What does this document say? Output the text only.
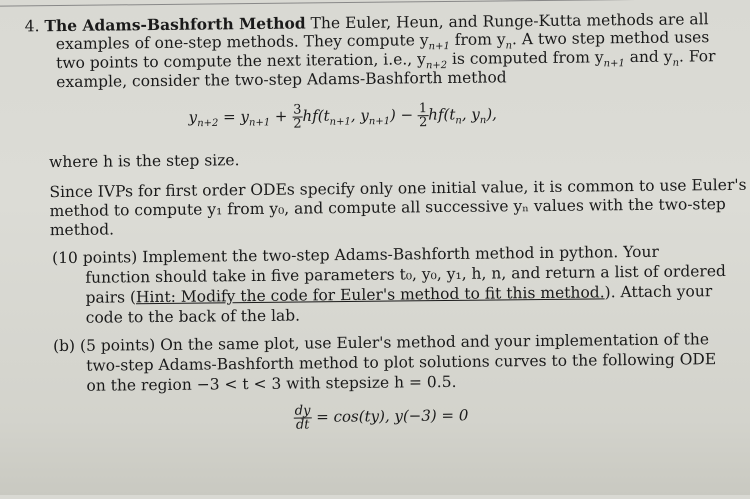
4. The Adams-Bashforth Method The Euler, Heun, and Runge-Kutta methods are all
examples of one-step methods. They compute $y_{n+1}$ from $y_n$. A two step method uses
two points to compute the next iteration, i.e., $y_{n+2}$ is computed from $y_{n+1}$ and $y_n$. For
example, consider the two-step Adams-Bashforth method
$y_{n+2} = y_{n+1} + \frac{3}{2} hf(t_{n+1}$, $y_{n+1}) - \frac{1}{2} hf(t_n$, $y_n$),
where h is the step size.
Since IVPs for first order ODEs specify only one initial value, it is common to use Euler's
method to compute y₁ from y₀, and compute all successive yₙ values with the two-step
method.
(10 points) Implement the two-step Adams-Bashforth method in python. Your
function should take in five parameters t₀, y₀, y₁, h, n, and return a list of ordered
pairs (Hint: Modify the code for Euler's method to fit this method.). Attach your
code to the back of the lab.
(b) (5 points) On the same plot, use Euler's method and your implementation of the
two-step Adams-Bashforth method to plot solutions curves to the following ODE
on the region −3 < t < 3 with stepsize h = 0.5.
$\frac{dy}{dt} = \cos(ty)$, y(−3) = 0
